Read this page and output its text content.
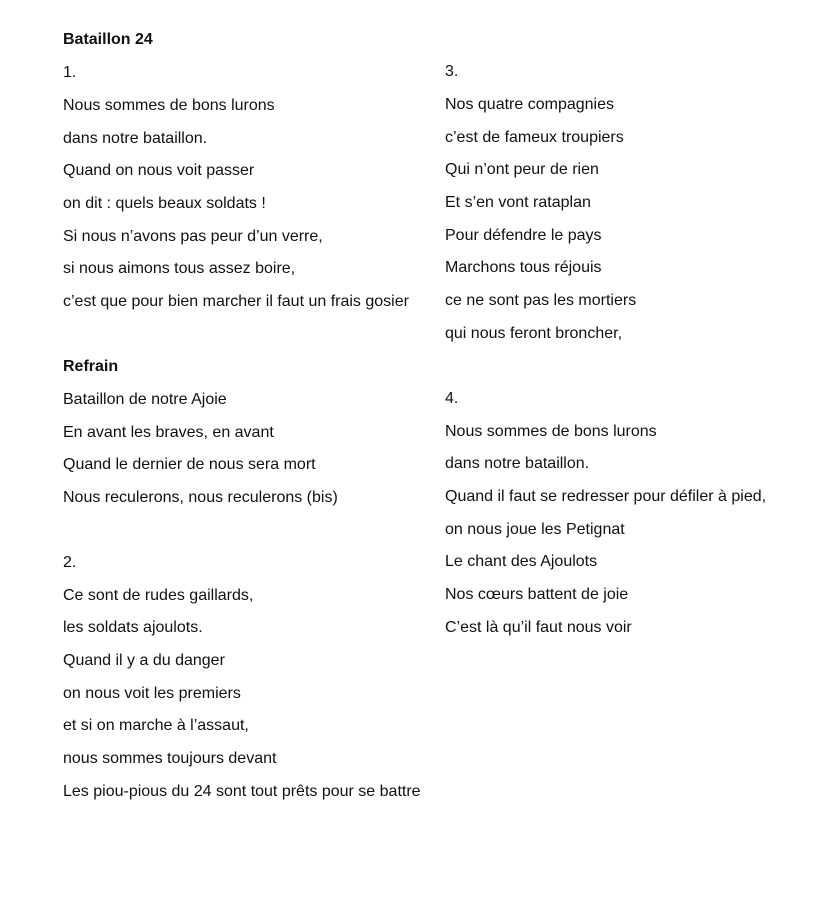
Bataillon 24
1.
Nous sommes de bons lurons
dans notre bataillon.
Quand on nous voit passer
on dit : quels beaux soldats !
Si nous n’avons pas peur d’un verre,
si nous aimons tous assez boire,
c’est que pour bien marcher il faut un frais gosier
Refrain
Bataillon de notre Ajoie
En avant les braves, en avant
Quand le dernier de nous sera mort
Nous reculerons, nous reculerons (bis)
2.
Ce sont de rudes gaillards,
les soldats ajoulots.
Quand il y a du danger
on nous voit les premiers
et si on marche à l’assaut,
nous sommes toujours devant
Les piou-pious du 24 sont tout prêts pour se battre
3.
Nos quatre compagnies
c’est de fameux troupiers
Qui n’ont peur de rien
Et s’en vont rataplan
Pour défendre le pays
Marchons tous réjouis
ce ne sont pas les mortiers
qui nous feront broncher,
4.
Nous sommes de bons lurons
dans notre bataillon.
Quand il faut se redresser pour défiler à pied,
on nous joue les Petignat
Le chant des Ajoulots
Nos cœurs battent de joie
C’est là qu’il faut nous voir
